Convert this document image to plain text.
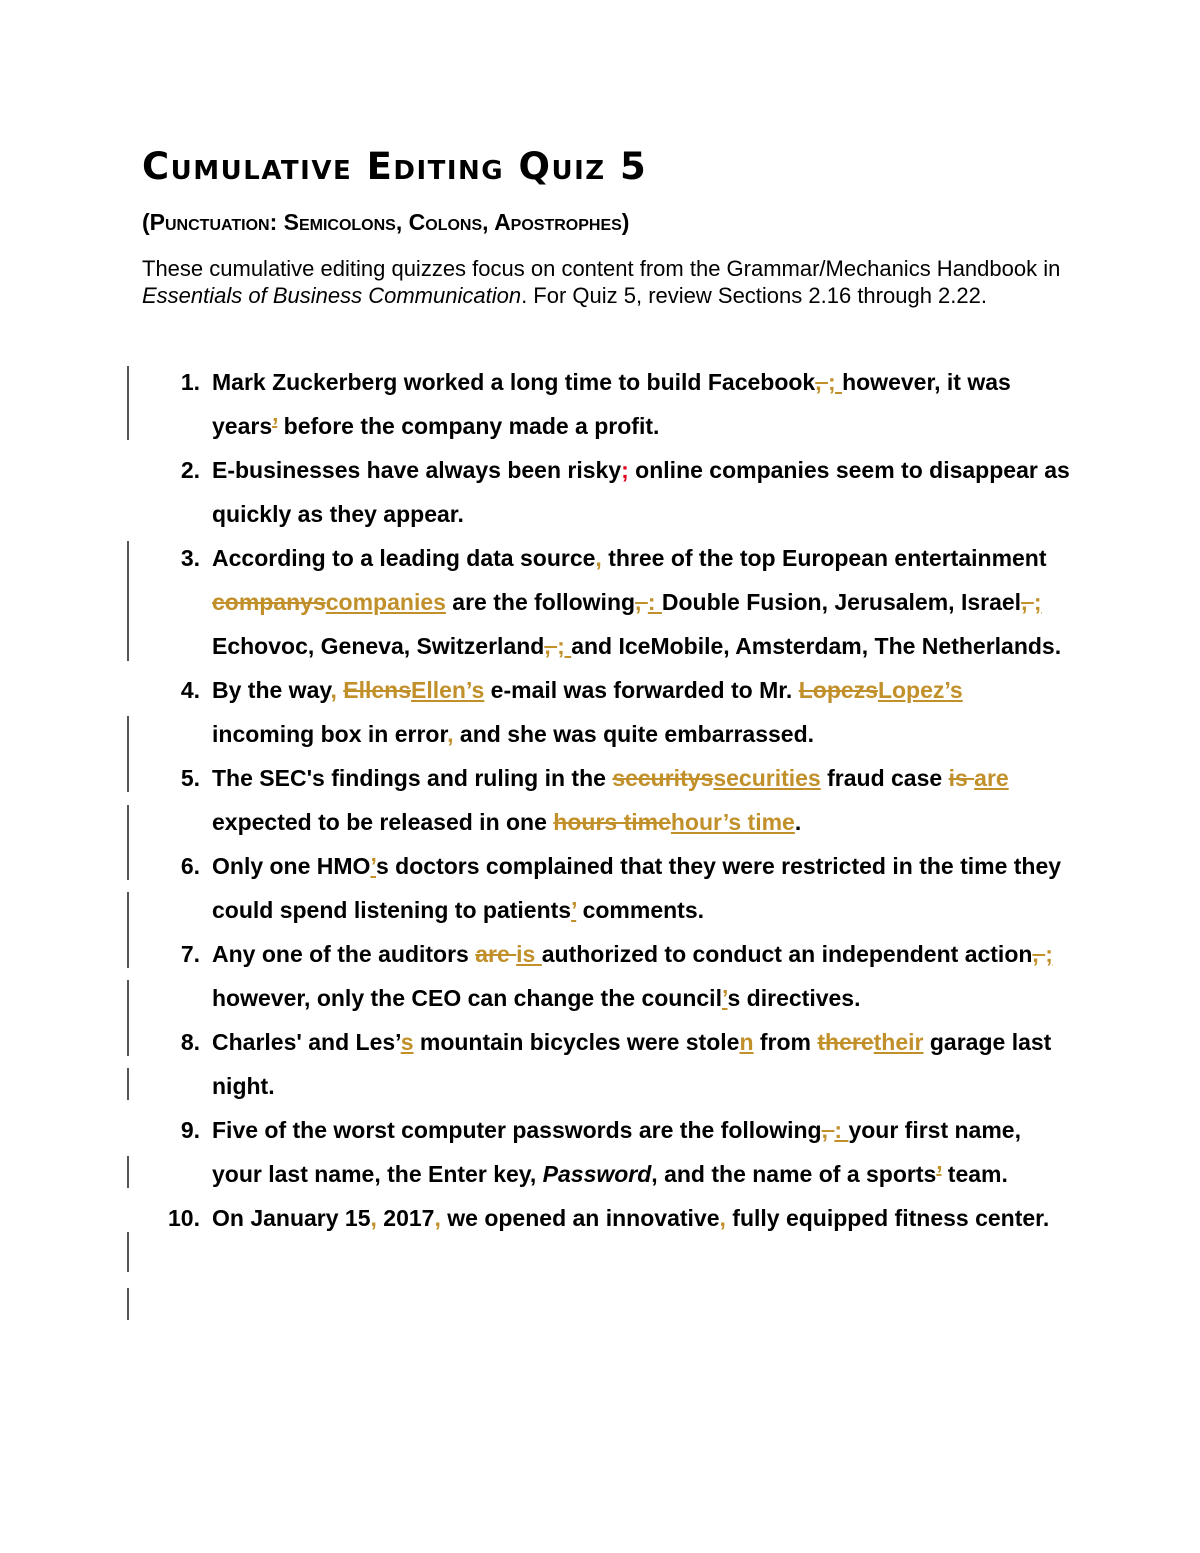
Cumulative Editing Quiz 5
(Punctuation: Semicolons, Colons, Apostrophes)

These cumulative editing quizzes focus on content from the Grammar/Mechanics Handbook in Essentials of Business Communication. For Quiz 5, review Sections 2.16 through 2.22.

1. Mark Zuckerberg worked a long time to build Facebook, ; however, it was years’ before the company made a profit.
2. E-businesses have always been risky; online companies seem to disappear as quickly as they appear.
3. According to a leading data source, three of the top European entertainment companyscompanies are the following, : Double Fusion, Jerusalem, Israel, ; Echovoc, Geneva, Switzerland, ; and IceMobile, Amsterdam, The Netherlands.
4. By the way, EllensEllen’s e-mail was forwarded to Mr. LopezsLopez’s incoming box in error, and she was quite embarrassed.
5. The SEC's findings and ruling in the securityssecurities fraud case is are expected to be released in one hours timehour’s time.
6. Only one HMO’s doctors complained that they were restricted in the time they could spend listening to patients’ comments.
7. Any one of the auditors are is authorized to conduct an independent action, ; however, only the CEO can change the council’s directives.
8. Charles' and Les’s mountain bicycles were stolen from theretheir garage last night.
9. Five of the worst computer passwords are the following, : your first name, your last name, the Enter key, Password, and the name of a sports’ team.
10. On January 15, 2017, we opened an innovative, fully equipped fitness center.
